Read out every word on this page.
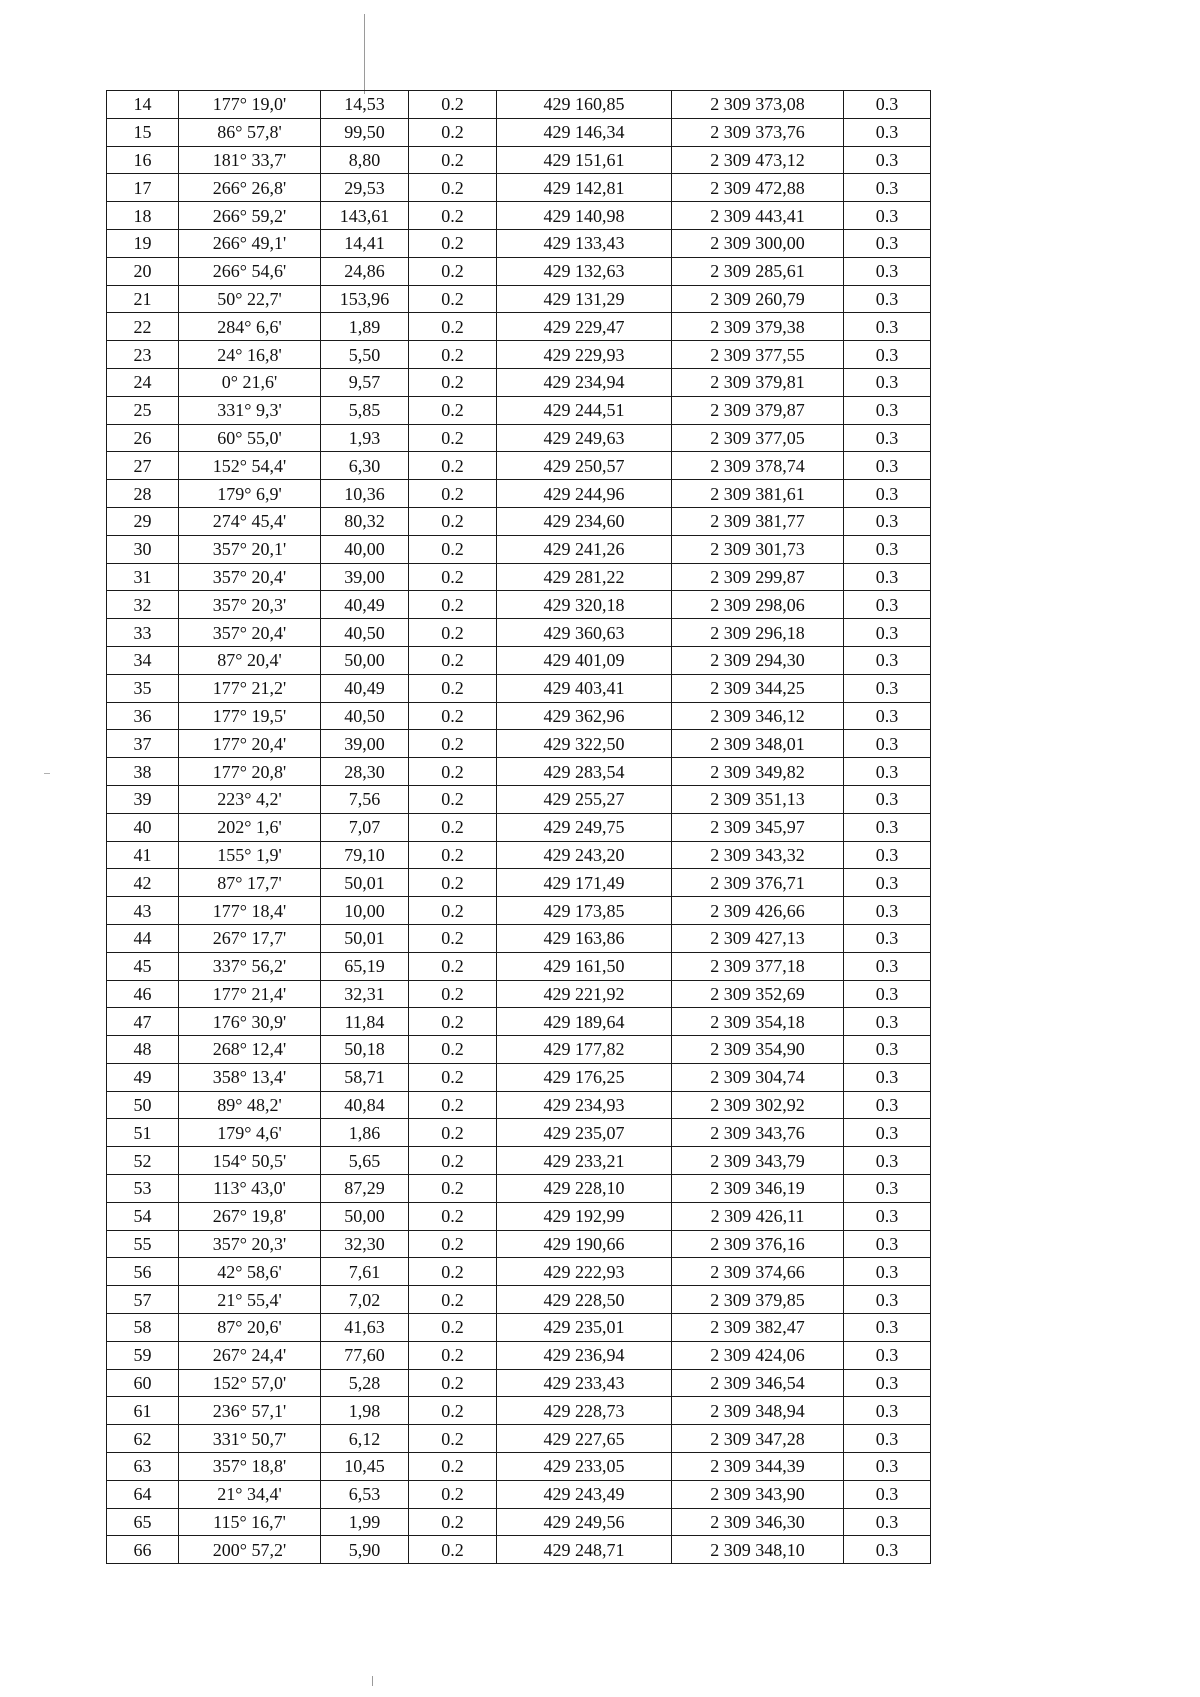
14	177° 19,0'	14,53	0.2	429 160,85	2 309 373,08	0.3
15	86° 57,8'	99,50	0.2	429 146,34	2 309 373,76	0.3
16	181° 33,7'	8,80	0.2	429 151,61	2 309 473,12	0.3
17	266° 26,8'	29,53	0.2	429 142,81	2 309 472,88	0.3
18	266° 59,2'	143,61	0.2	429 140,98	2 309 443,41	0.3
19	266° 49,1'	14,41	0.2	429 133,43	2 309 300,00	0.3
20	266° 54,6'	24,86	0.2	429 132,63	2 309 285,61	0.3
21	50° 22,7'	153,96	0.2	429 131,29	2 309 260,79	0.3
22	284° 6,6'	1,89	0.2	429 229,47	2 309 379,38	0.3
23	24° 16,8'	5,50	0.2	429 229,93	2 309 377,55	0.3
24	0° 21,6'	9,57	0.2	429 234,94	2 309 379,81	0.3
25	331° 9,3'	5,85	0.2	429 244,51	2 309 379,87	0.3
26	60° 55,0'	1,93	0.2	429 249,63	2 309 377,05	0.3
27	152° 54,4'	6,30	0.2	429 250,57	2 309 378,74	0.3
28	179° 6,9'	10,36	0.2	429 244,96	2 309 381,61	0.3
29	274° 45,4'	80,32	0.2	429 234,60	2 309 381,77	0.3
30	357° 20,1'	40,00	0.2	429 241,26	2 309 301,73	0.3
31	357° 20,4'	39,00	0.2	429 281,22	2 309 299,87	0.3
32	357° 20,3'	40,49	0.2	429 320,18	2 309 298,06	0.3
33	357° 20,4'	40,50	0.2	429 360,63	2 309 296,18	0.3
34	87° 20,4'	50,00	0.2	429 401,09	2 309 294,30	0.3
35	177° 21,2'	40,49	0.2	429 403,41	2 309 344,25	0.3
36	177° 19,5'	40,50	0.2	429 362,96	2 309 346,12	0.3
37	177° 20,4'	39,00	0.2	429 322,50	2 309 348,01	0.3
38	177° 20,8'	28,30	0.2	429 283,54	2 309 349,82	0.3
39	223° 4,2'	7,56	0.2	429 255,27	2 309 351,13	0.3
40	202° 1,6'	7,07	0.2	429 249,75	2 309 345,97	0.3
41	155° 1,9'	79,10	0.2	429 243,20	2 309 343,32	0.3
42	87° 17,7'	50,01	0.2	429 171,49	2 309 376,71	0.3
43	177° 18,4'	10,00	0.2	429 173,85	2 309 426,66	0.3
44	267° 17,7'	50,01	0.2	429 163,86	2 309 427,13	0.3
45	337° 56,2'	65,19	0.2	429 161,50	2 309 377,18	0.3
46	177° 21,4'	32,31	0.2	429 221,92	2 309 352,69	0.3
47	176° 30,9'	11,84	0.2	429 189,64	2 309 354,18	0.3
48	268° 12,4'	50,18	0.2	429 177,82	2 309 354,90	0.3
49	358° 13,4'	58,71	0.2	429 176,25	2 309 304,74	0.3
50	89° 48,2'	40,84	0.2	429 234,93	2 309 302,92	0.3
51	179° 4,6'	1,86	0.2	429 235,07	2 309 343,76	0.3
52	154° 50,5'	5,65	0.2	429 233,21	2 309 343,79	0.3
53	113° 43,0'	87,29	0.2	429 228,10	2 309 346,19	0.3
54	267° 19,8'	50,00	0.2	429 192,99	2 309 426,11	0.3
55	357° 20,3'	32,30	0.2	429 190,66	2 309 376,16	0.3
56	42° 58,6'	7,61	0.2	429 222,93	2 309 374,66	0.3
57	21° 55,4'	7,02	0.2	429 228,50	2 309 379,85	0.3
58	87° 20,6'	41,63	0.2	429 235,01	2 309 382,47	0.3
59	267° 24,4'	77,60	0.2	429 236,94	2 309 424,06	0.3
60	152° 57,0'	5,28	0.2	429 233,43	2 309 346,54	0.3
61	236° 57,1'	1,98	0.2	429 228,73	2 309 348,94	0.3
62	331° 50,7'	6,12	0.2	429 227,65	2 309 347,28	0.3
63	357° 18,8'	10,45	0.2	429 233,05	2 309 344,39	0.3
64	21° 34,4'	6,53	0.2	429 243,49	2 309 343,90	0.3
65	115° 16,7'	1,99	0.2	429 249,56	2 309 346,30	0.3
66	200° 57,2'	5,90	0.2	429 248,71	2 309 348,10	0.3
